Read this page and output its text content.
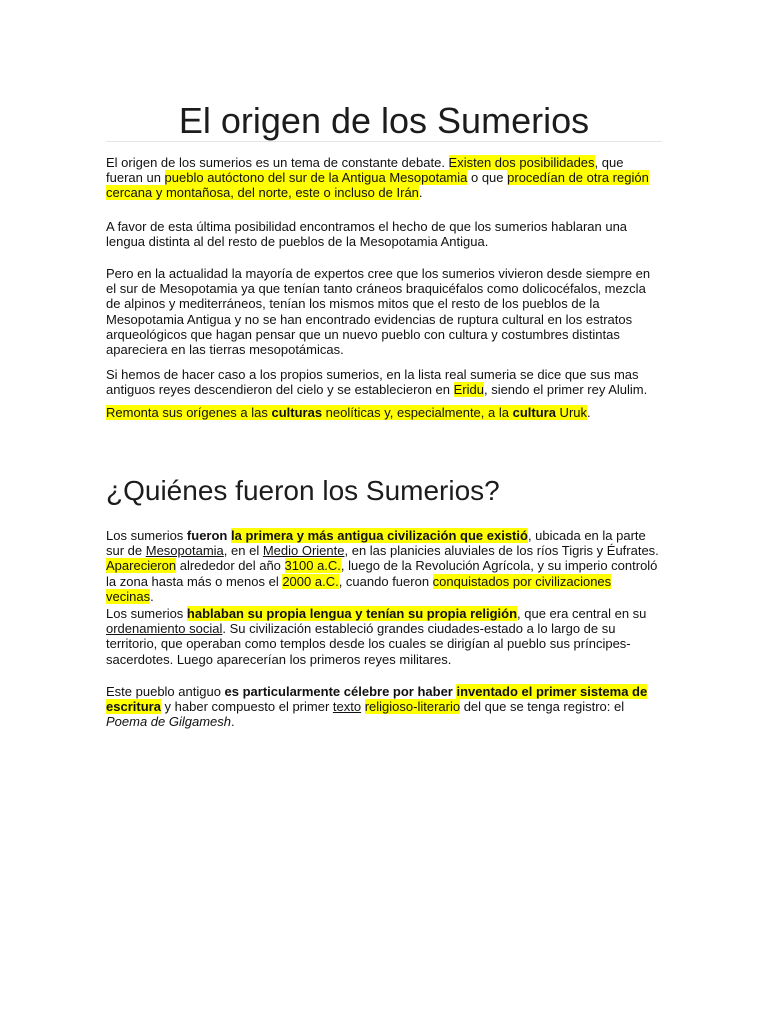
El origen de los Sumerios

El origen de los sumerios es un tema de constante debate. Existen dos posibilidades, que fueran un pueblo autóctono del sur de la Antigua Mesopotamia o que procedían de otra región cercana y montañosa, del norte, este o incluso de Irán.

A favor de esta última posibilidad encontramos el hecho de que los sumerios hablaran una lengua distinta al del resto de pueblos de la Mesopotamia Antigua.

Pero en la actualidad la mayoría de expertos cree que los sumerios vivieron desde siempre en el sur de Mesopotamia ya que tenían tanto cráneos braquicéfalos como dolicocéfalos, mezcla de alpinos y mediterráneos, tenían los mismos mitos que el resto de los pueblos de la Mesopotamia Antigua y no se han encontrado evidencias de ruptura cultural en los estratos arqueológicos que hagan pensar que un nuevo pueblo con cultura y costumbres distintas apareciera en las tierras mesopotámicas.

Si hemos de hacer caso a los propios sumerios, en la lista real sumeria se dice que sus mas antiguos reyes descendieron del cielo y se establecieron en Eridu, siendo el primer rey Alulim.

Remonta sus orígenes a las culturas neolíticas y, especialmente, a la cultura Uruk.

¿Quiénes fueron los Sumerios?

Los sumerios fueron la primera y más antigua civilización que existió, ubicada en la parte sur de Mesopotamia, en el Medio Oriente, en las planicies aluviales de los ríos Tigris y Éufrates. Aparecieron alrededor del año 3100 a.C., luego de la Revolución Agrícola, y su imperio controló la zona hasta más o menos el 2000 a.C., cuando fueron conquistados por civilizaciones vecinas.

Los sumerios hablaban su propia lengua y tenían su propia religión, que era central en su ordenamiento social. Su civilización estableció grandes ciudades-estado a lo largo de su territorio, que operaban como templos desde los cuales se dirigían al pueblo sus príncipes-sacerdotes. Luego aparecerían los primeros reyes militares.

Este pueblo antiguo es particularmente célebre por haber inventado el primer sistema de escritura y haber compuesto el primer texto religioso-literario del que se tenga registro: el Poema de Gilgamesh.
